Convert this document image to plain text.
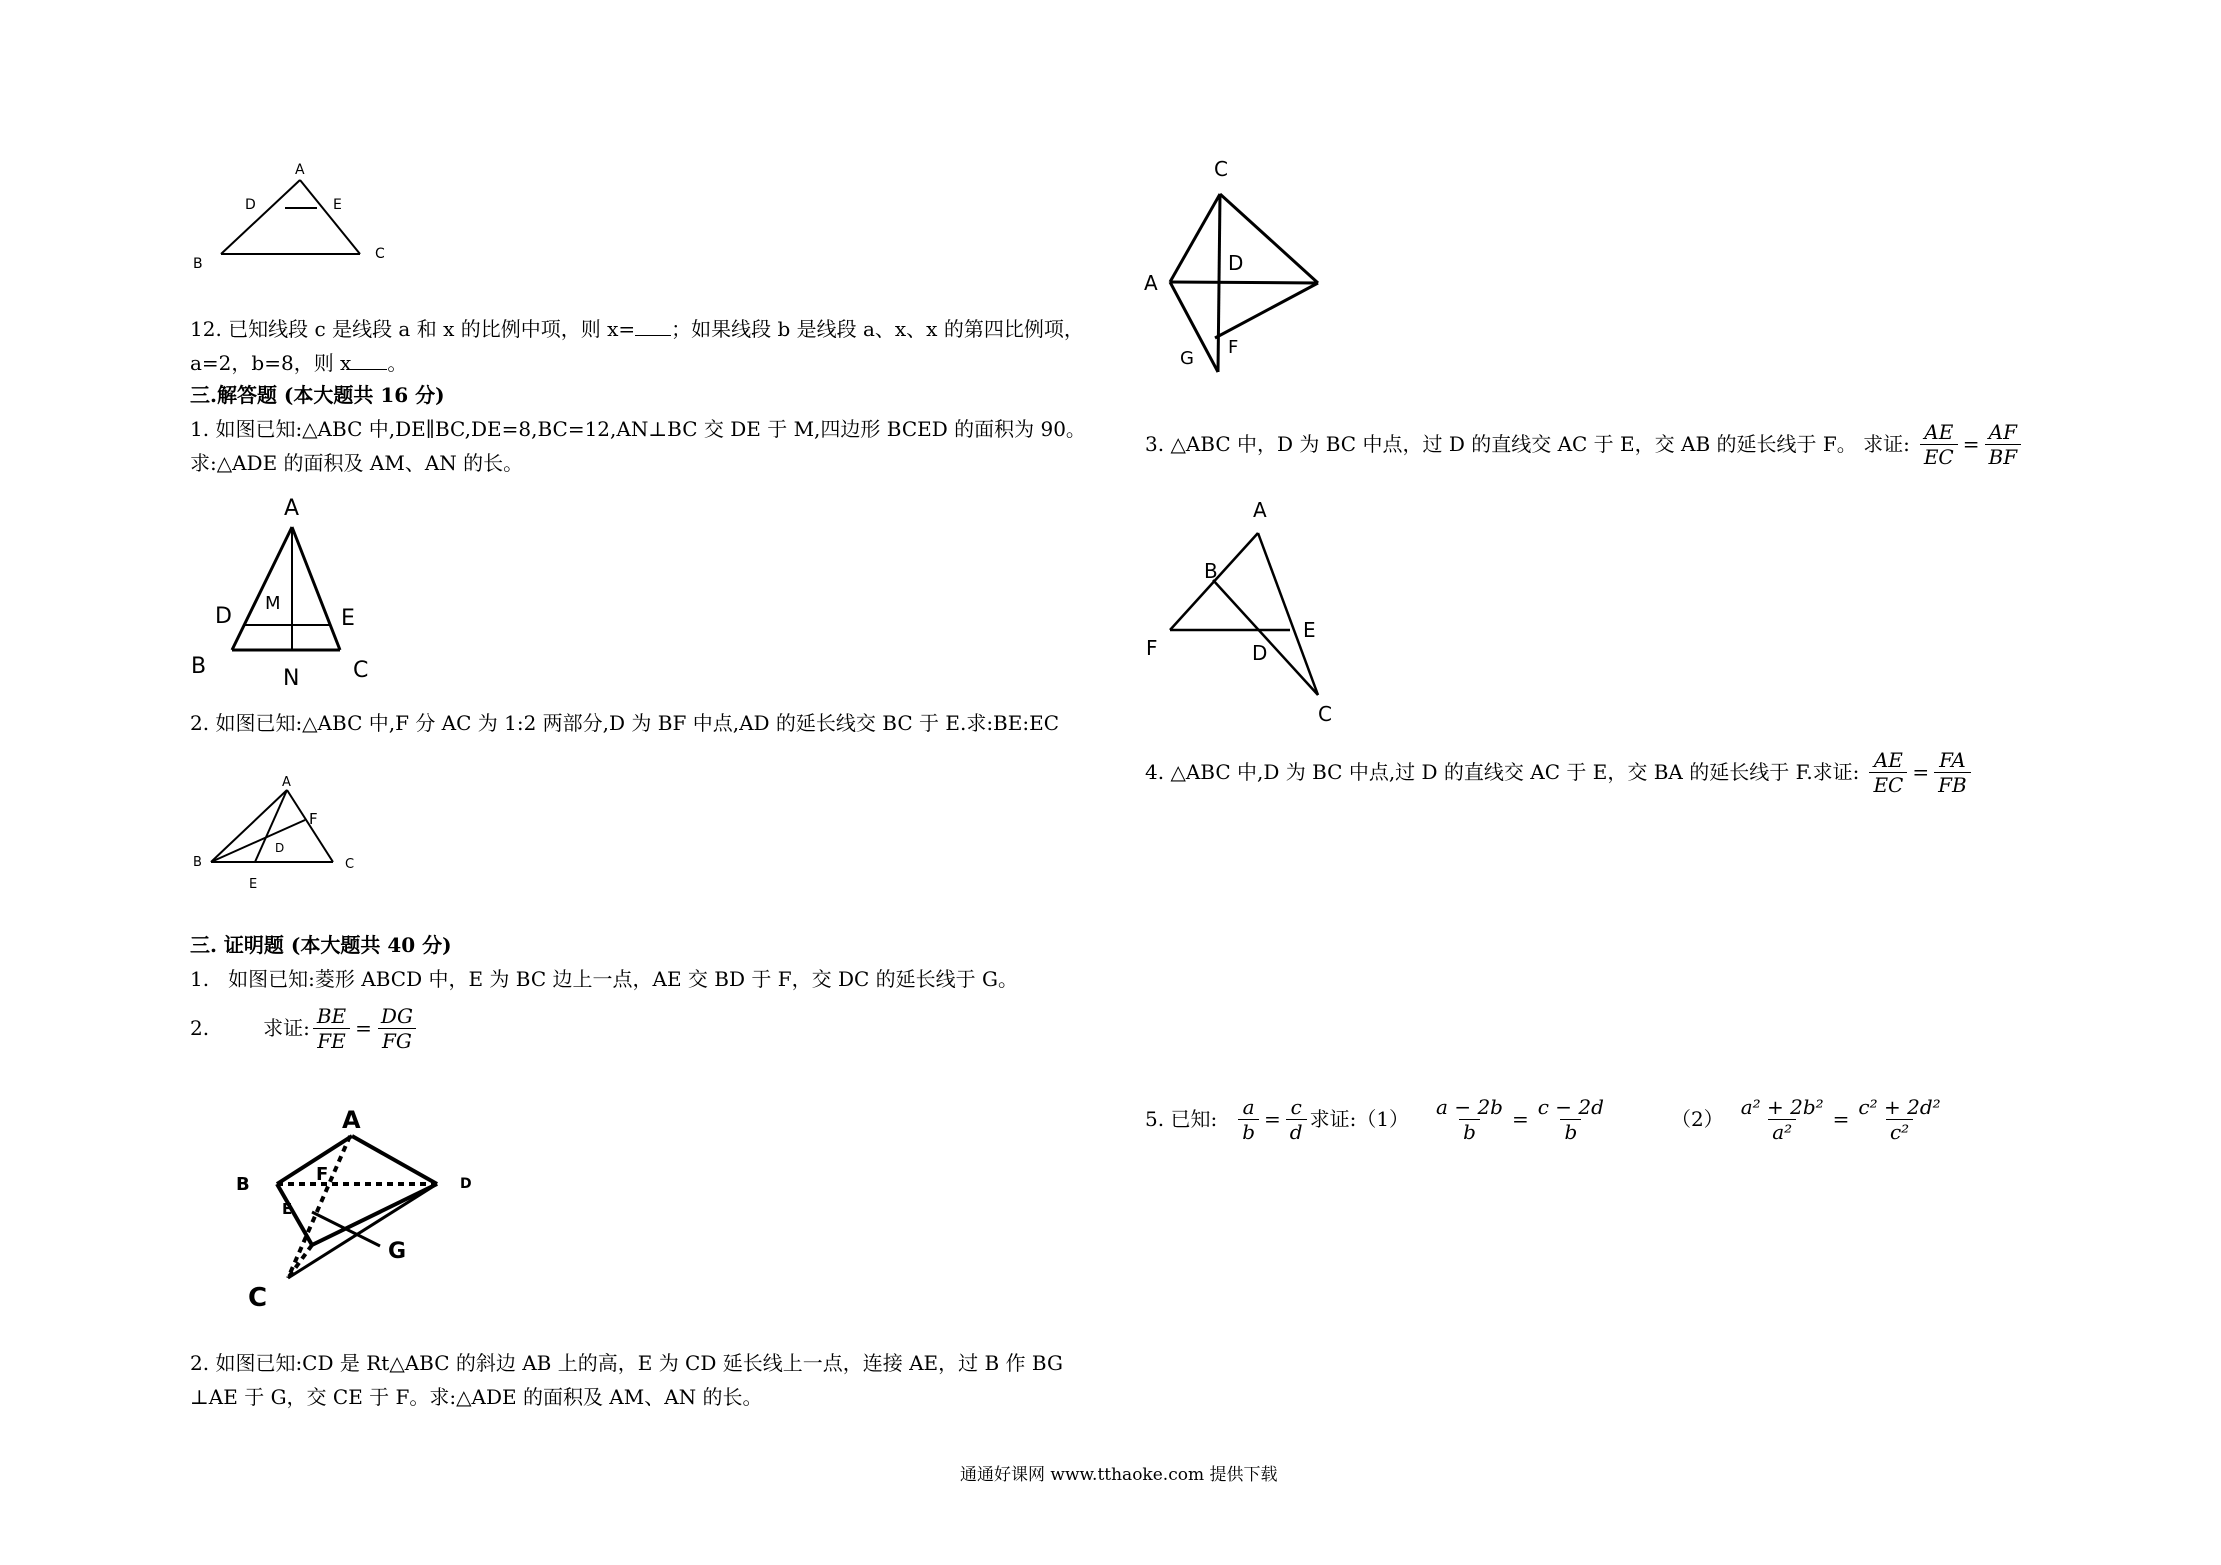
A
D	E
B
C
12. 已知线段 c 是线段 a 和 x 的比例中项，则 x= ；如果线段 b 是线段 a、x、x 的第四比例项，
a=2，b=8，则 x 。
三.解答题 (本大题共 16 分)
1. 如图已知:△ABC 中,DE∥BC,DE=8,BC=12,AN⊥BC 交 DE 于 M,四边形 BCED 的面积为 90。
求:△ADE 的面积及 AM、AN 的长。
A
D
M
E
B	N C
2. 如图已知:△ABC 中,F 分 AC 为 1:2 两部分,D 为 BF 中点,AD 的延长线交 BC 于 E.求:BE:EC
A
F
D
B	C
E
三. 证明题 (本大题共 40 分)
1. 如图已知:菱形 ABCD 中，E 为 BC 边上一点，AE 交 BD 于 F，交 DC 的延长线于 G。
2.	求证: $\frac{BE}{FE} = \frac{DG}{FG}$
A
B	F	D
E
G
C
2. 如图已知:CD 是 Rt△ABC 的斜边 AB 上的高，E 为 CD 延长线上一点，连接 AE，过 B 作 BG
⊥AE 于 G，交 CE 于 F。求:△ADE 的面积及 AM、AN 的长。
C
A
D
G
F
3. △ABC 中，D 为 BC 中点，过 D 的直线交 AC 于 E，交 AB 的延长线于 F。 求证: $\frac{AE}{EC} = \frac{AF}{BF}$
A
B
F
E
D
C
4. △ABC 中,D 为 BC 中点,过 D 的直线交 AC 于 E，交 BA 的延长线于 F.求证: $\frac{AE}{EC} = \frac{FA}{FB}$
5. 已知: $\frac{a}{b} = \frac{c}{d}$ 求证:（1） $\frac{a - 2b}{b} = \frac{c - 2d}{b}$	$(2) \frac{\text{a² + 2b²}}{\text{a²}} = \frac{\text{c² + 2d²}}{\text{c²}}$
通通好课网 www.tthaoke.com 提供下载
